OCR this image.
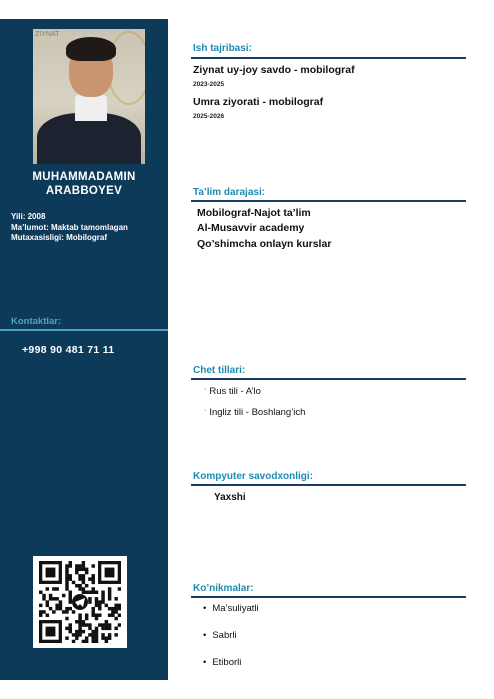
ZIYNAT
MUHAMMADAMIN
ARABBOYEV
Yili: 2008
Ma’lumot: Maktab tamomlagan
Mutaxasisligi: Mobilograf
Kontaktlar:
+998 90 481 71 11
Ish tajribasi:
Ziynat uy-joy savdo - mobilograf
2023-2025
Umra ziyorati - mobilograf
2025-2026
Ta’lim darajasi:
Mobilograf-Najot ta’lim
Al-Musavvir academy
Qo’shimcha onlayn kurslar
Chet tillari:
· Rus tili - A’lo
· Ingliz tili - Boshlang’ich
Kompyuter savodxonligi:
Yaxshi
Ko’nikmalar:
• Ma’suliyatli
• Sabrli
• Etiborli
